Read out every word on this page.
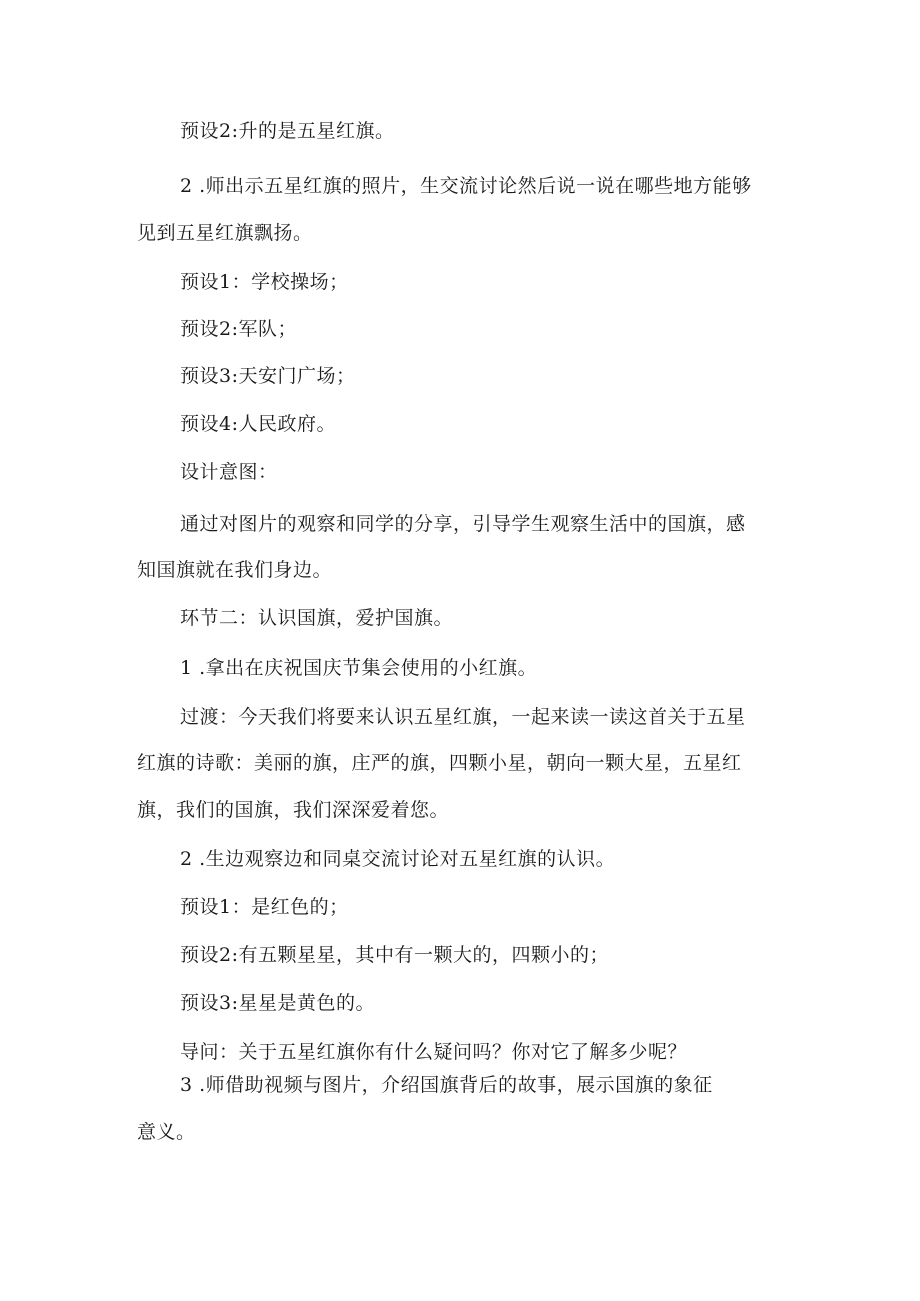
预设2:升的是五星红旗。
2 .师出示五星红旗的照片，生交流讨论然后说一说在哪些地方能够
见到五星红旗飘扬。
预设1：学校操场；
预设2:军队；
预设3:天安门广场；
预设4:人民政府。
设计意图：
通过对图片的观察和同学的分享，引导学生观察生活中的国旗，感
知国旗就在我们身边。
环节二：认识国旗，爱护国旗。
1 .拿出在庆祝国庆节集会使用的小红旗。
过渡：今天我们将要来认识五星红旗，一起来读一读这首关于五星
红旗的诗歌：美丽的旗，庄严的旗，四颗小星，朝向一颗大星，五星红
旗，我们的国旗，我们深深爱着您。
2 .生边观察边和同桌交流讨论对五星红旗的认识。
预设1：是红色的；
预设2:有五颗星星，其中有一颗大的，四颗小的；
预设3:星星是黄色的。
导问：关于五星红旗你有什么疑问吗？你对它了解多少呢？
3 .师借助视频与图片，介绍国旗背后的故事，展示国旗的象征
意义。
